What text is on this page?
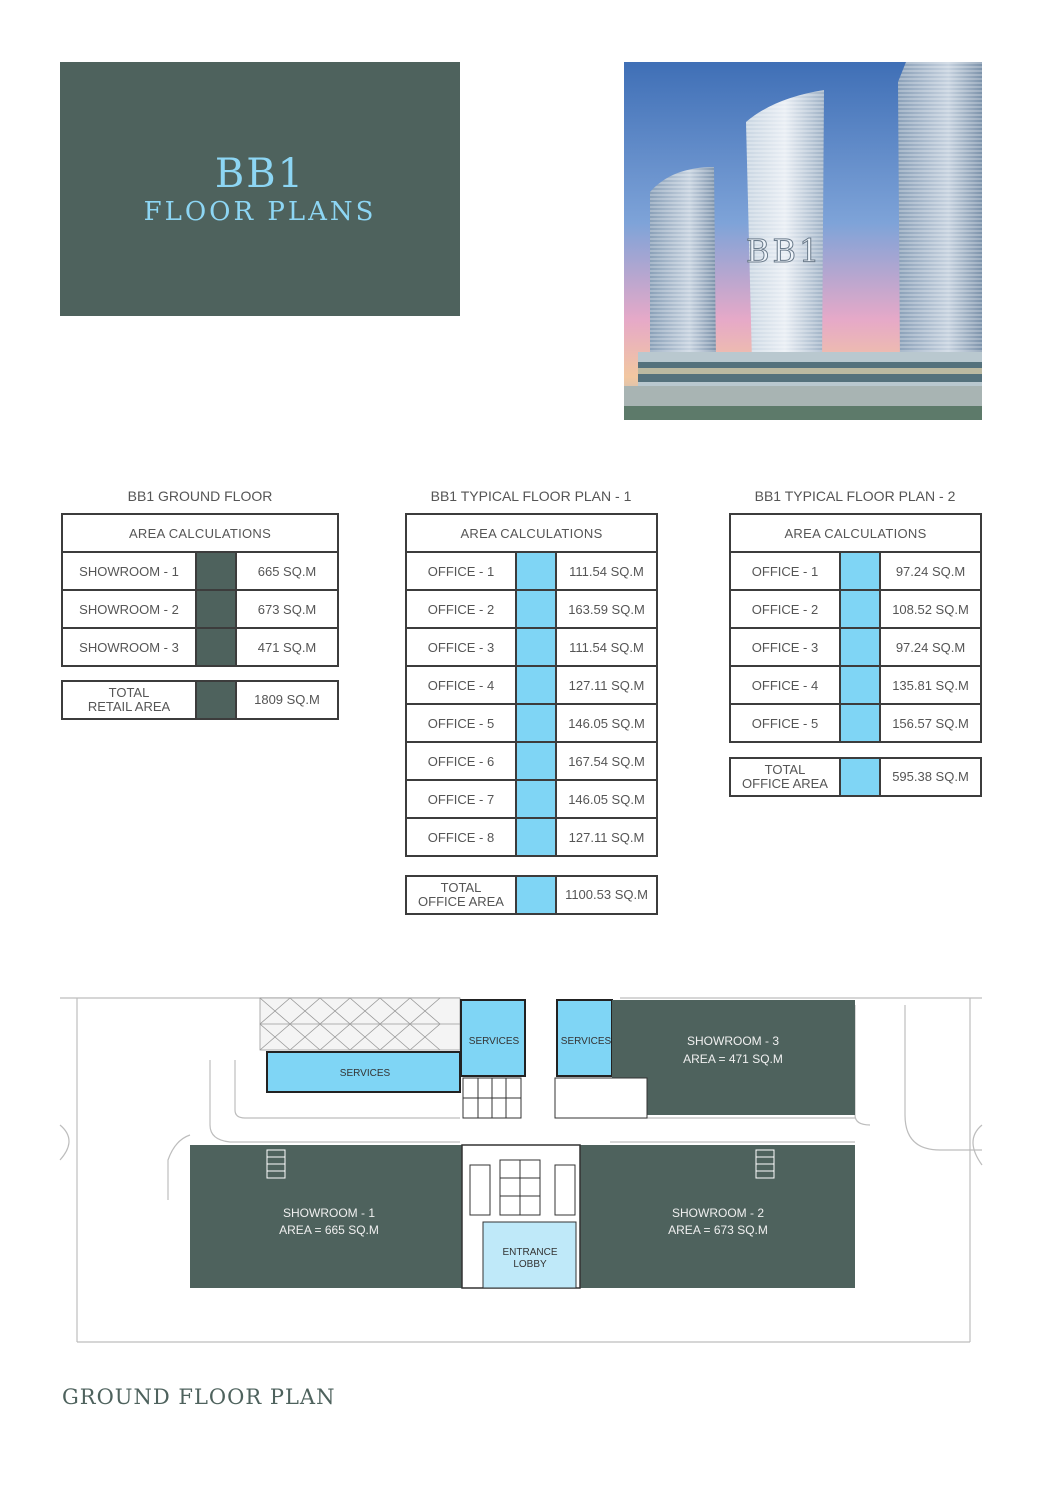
BB1
FLOOR PLANS
BB1
BB1 GROUND FLOOR
AREA CALCULATIONS		
SHOWROOM - 1		665 SQ.M
SHOWROOM - 2		673 SQ.M
SHOWROOM - 3		471 SQ.M
TOTAL
RETAIL AREA		1809 SQ.M
BB1 TYPICAL FLOOR PLAN - 1
AREA CALCULATIONS		
OFFICE - 1		111.54 SQ.M
OFFICE - 2		163.59 SQ.M
OFFICE - 3		111.54 SQ.M
OFFICE - 4		127.11 SQ.M
OFFICE - 5		146.05 SQ.M
OFFICE - 6		167.54 SQ.M
OFFICE - 7		146.05 SQ.M
OFFICE - 8		127.11 SQ.M
TOTAL
OFFICE AREA		1100.53 SQ.M
BB1 TYPICAL FLOOR PLAN - 2
AREA CALCULATIONS		
OFFICE - 1		97.24 SQ.M
OFFICE - 2		108.52 SQ.M
OFFICE - 3		97.24 SQ.M
OFFICE - 4		135.81 SQ.M
OFFICE - 5		156.57 SQ.M
TOTAL
OFFICE AREA		595.38 SQ.M
SERVICES
SERVICES	SERVICES
ENTRANCE
LOBBY
SHOWROOM - 3
AREA = 471 SQ.M
SHOWROOM - 1
AREA = 665 SQ.M
SHOWROOM - 2
AREA = 673 SQ.M
GROUND FLOOR PLAN
